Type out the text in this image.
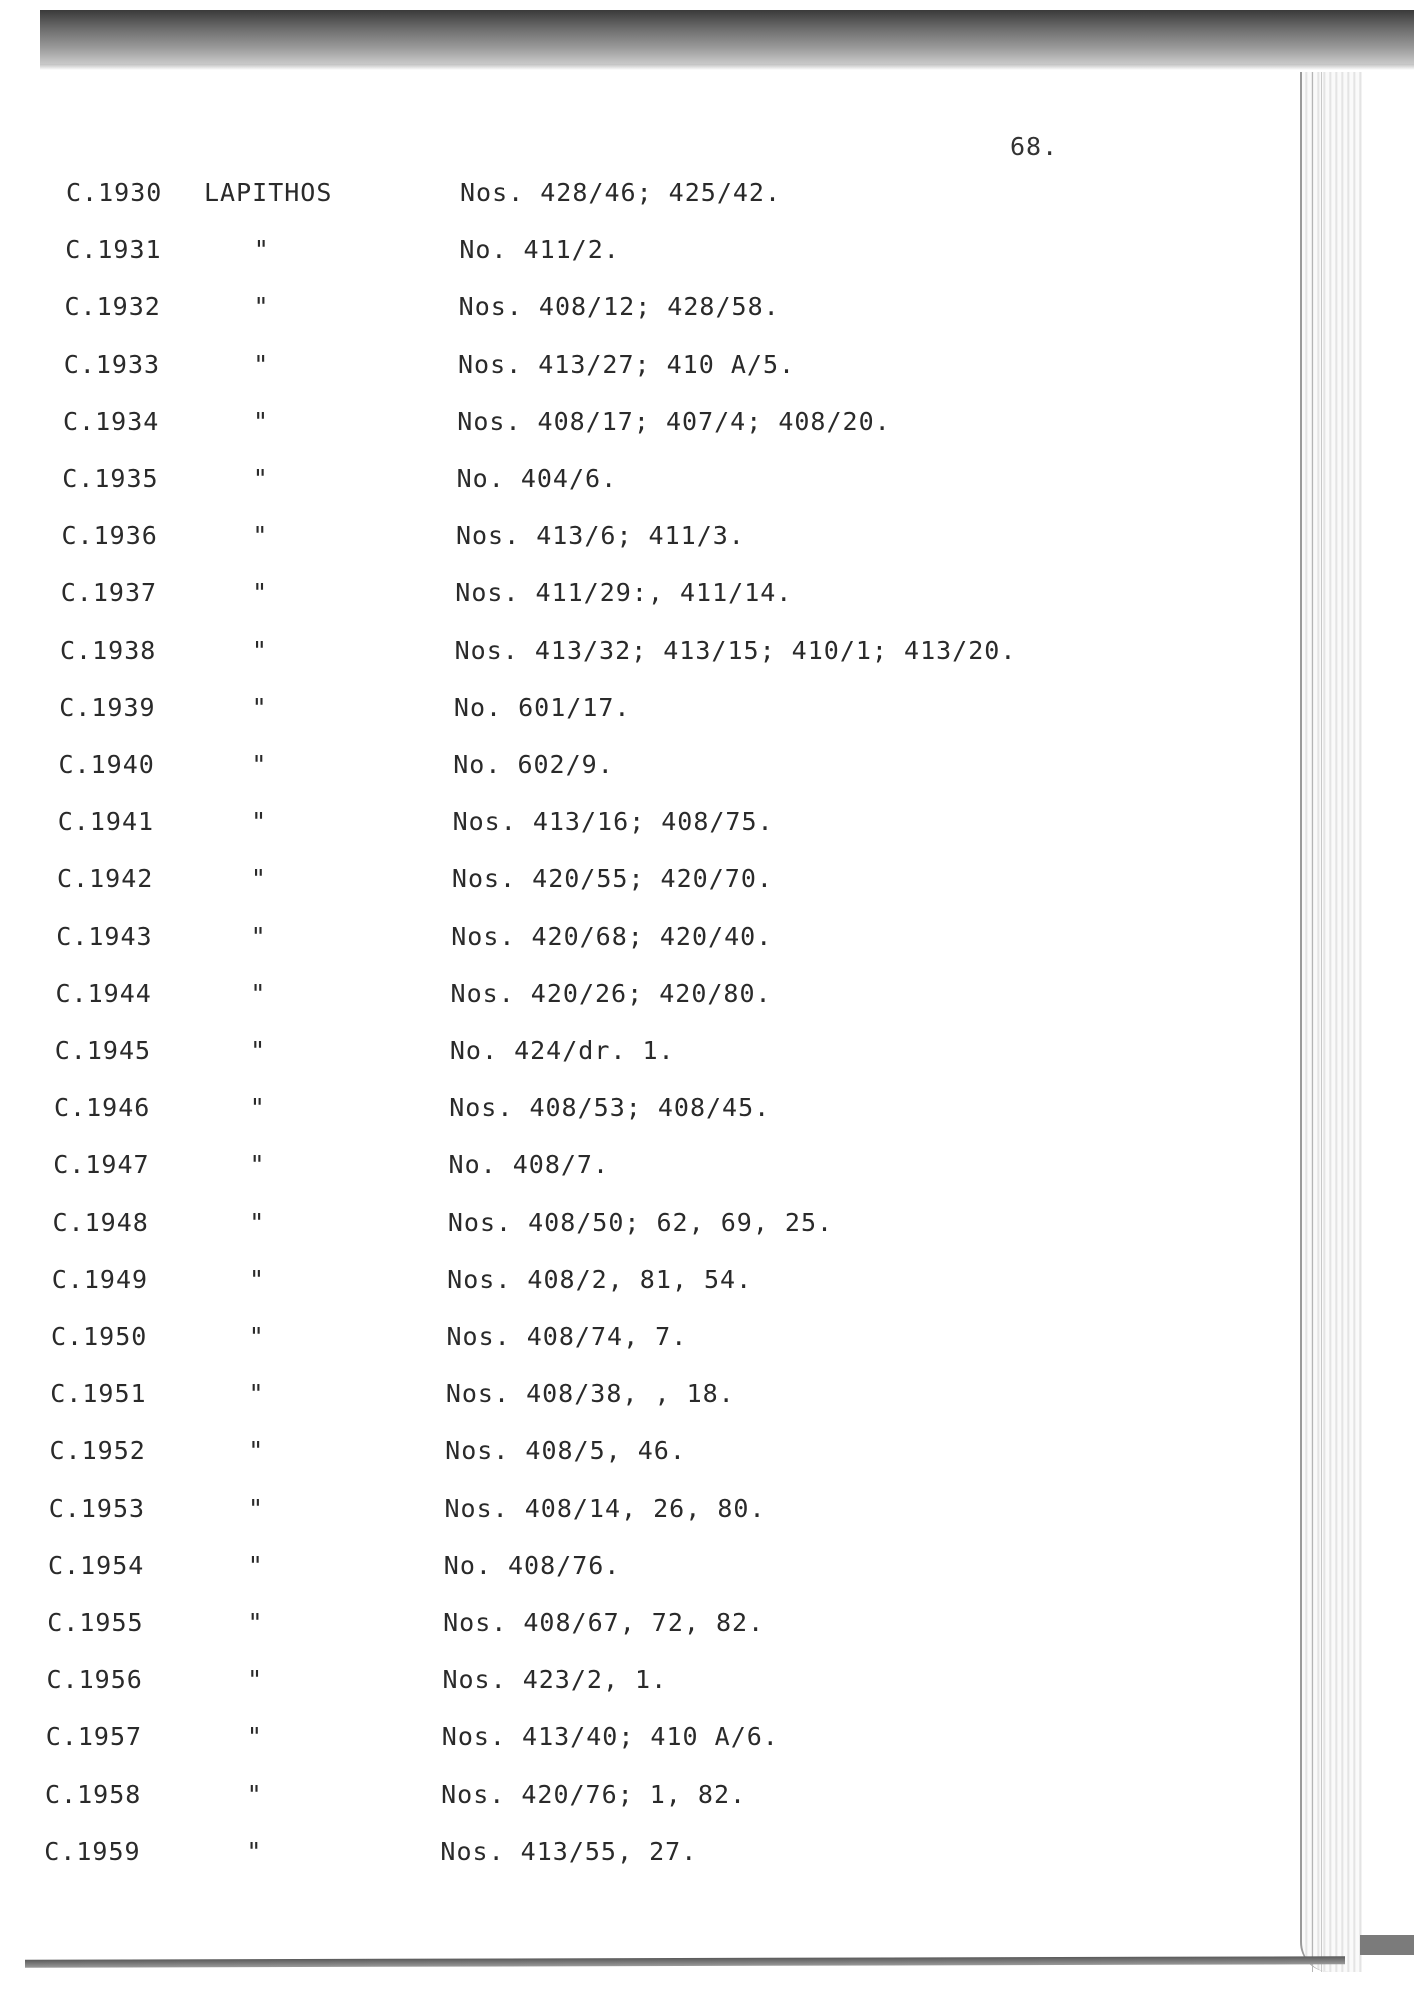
68.
C.1930 LAPITHOS	Nos. 428/46; 425/42.
C.1931	"	No. 411/2.
C.1932	"	Nos. 408/12; 428/58.
C.1933	"	Nos. 413/27; 410 A/5.
C.1934	"	Nos. 408/17; 407/4; 408/20.
C.1935	"	No. 404/6.
C.1936	"	Nos. 413/6; 411/3.
C.1937	"	Nos. 411/29:, 411/14.
C.1938	"	Nos. 413/32; 413/15; 410/1; 413/20.
C.1939	"	No. 601/17.
C.1940	"	No. 602/9.
C.1941	"	Nos. 413/16; 408/75.
C.1942	"	Nos. 420/55; 420/70.
C.1943	"	Nos. 420/68; 420/40.
C.1944	"	Nos. 420/26; 420/80.
C.1945	"	No. 424/dr. 1.
C.1946	"	Nos. 408/53; 408/45.
C.1947	"	No. 408/7.
C.1948	"	Nos. 408/50; 62, 69, 25.
C.1949	"	Nos. 408/2, 81, 54.
C.1950	"	Nos. 408/74, 7.
C.1951	"	Nos. 408/38, , 18.
C.1952	"	Nos. 408/5, 46.
C.1953	"	Nos. 408/14, 26, 80.
C.1954	"	No. 408/76.
C.1955	"	Nos. 408/67, 72, 82.
C.1956	"	Nos. 423/2, 1.
C.1957	"	Nos. 413/40; 410 A/6.
C.1958	"	Nos. 420/76; 1, 82.
C.1959	"	Nos. 413/55, 27.
